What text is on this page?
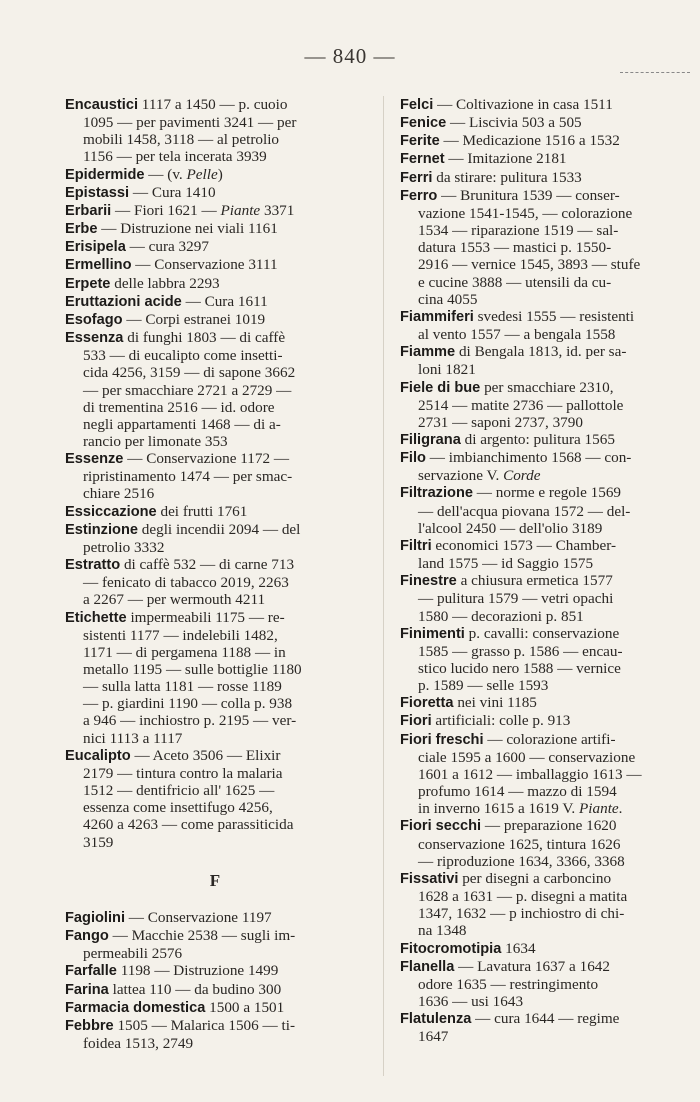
— 840 —
Encaustici 1117 a 1450 — p. cuoio
1095 — per pavimenti 3241 — per
mobili 1458, 3118 — al petrolio
1156 — per tela incerata 3939
Epidermide — (v. Pelle)
Epistassi — Cura 1410
Erbarii — Fiori 1621 — Piante 3371
Erbe — Distruzione nei viali 1161
Erisipela — cura 3297
Ermellino — Conservazione 3111
Erpete delle labbra 2293
Eruttazioni acide — Cura 1611
Esofago — Corpi estranei 1019
Essenza di funghi 1803 — di caffè
533 — di eucalipto come insetti-
cida 4256, 3159 — di sapone 3662
— per smacchiare 2721 a 2729 —
di trementina 2516 — id. odore
negli appartamenti 1468 — di a-
rancio per limonate 353
Essenze — Conservazione 1172 —
ripristinamento 1474 — per smac-
chiare 2516
Essiccazione dei frutti 1761
Estinzione degli incendii 2094 — del
petrolio 3332
Estratto di caffè 532 — di carne 713
— fenicato di tabacco 2019, 2263
a 2267 — per wermouth 4211
Etichette impermeabili 1175 — re-
sistenti 1177 — indelebili 1482,
1171 — di pergamena 1188 — in
metallo 1195 — sulle bottiglie 1180
— sulla latta 1181 — rosse 1189
— p. giardini 1190 — colla p. 938
a 946 — inchiostro p. 2195 — ver-
nici 1113 a 1117
Eucalipto — Aceto 3506 — Elixir
2179 — tintura contro la malaria
1512 — dentifricio all' 1625 —
essenza come insettifugo 4256,
4260 a 4263 — come parassiticida
3159
F
Fagiolini — Conservazione 1197
Fango — Macchie 2538 — sugli im-
permeabili 2576
Farfalle 1198 — Distruzione 1499
Farina lattea 110 — da budino 300
Farmacia domestica 1500 a 1501
Febbre 1505 — Malarica 1506 — ti-
foidea 1513, 2749
Felci — Coltivazione in casa 1511
Fenice — Liscivia 503 a 505
Ferite — Medicazione 1516 a 1532
Fernet — Imitazione 2181
Ferri da stirare: pulitura 1533
Ferro — Brunitura 1539 — conser-
vazione 1541-1545, — colorazione
1534 — riparazione 1519 — sal-
datura 1553 — mastici p. 1550-
2916 — vernice 1545, 3893 — stufe
e cucine 3888 — utensili da cu-
cina 4055
Fiammiferi svedesi 1555 — resistenti
al vento 1557 — a bengala 1558
Fiamme di Bengala 1813, id. per sa-
loni 1821
Fiele di bue per smacchiare 2310,
2514 — matite 2736 — pallottole
2731 — saponi 2737, 3790
Filigrana di argento: pulitura 1565
Filo — imbianchimento 1568 — con-
servazione V. Corde
Filtrazione — norme e regole 1569
— dell'acqua piovana 1572 — del-
l'alcool 2450 — dell'olio 3189
Filtri economici 1573 — Chamber-
land 1575 — id Saggio 1575
Finestre a chiusura ermetica 1577
— pulitura 1579 — vetri opachi
1580 — decorazioni p. 851
Finimenti p. cavalli: conservazione
1585 — grasso p. 1586 — encau-
stico lucido nero 1588 — vernice
p. 1589 — selle 1593
Fioretta nei vini 1185
Fiori artificiali: colle p. 913
Fiori freschi — colorazione artifi-
ciale 1595 a 1600 — conservazione
1601 a 1612 — imballaggio 1613 —
profumo 1614 — mazzo di 1594
in inverno 1615 a 1619 V. Piante.
Fiori secchi — preparazione 1620
conservazione 1625, tintura 1626
— riproduzione 1634, 3366, 3368
Fissativi per disegni a carboncino
1628 a 1631 — p. disegni a matita
1347, 1632 — p inchiostro di chi-
na 1348
Fitocromotipia 1634
Flanella — Lavatura 1637 a 1642
odore 1635 — restringimento
1636 — usi 1643
Flatulenza — cura 1644 — regime
1647
